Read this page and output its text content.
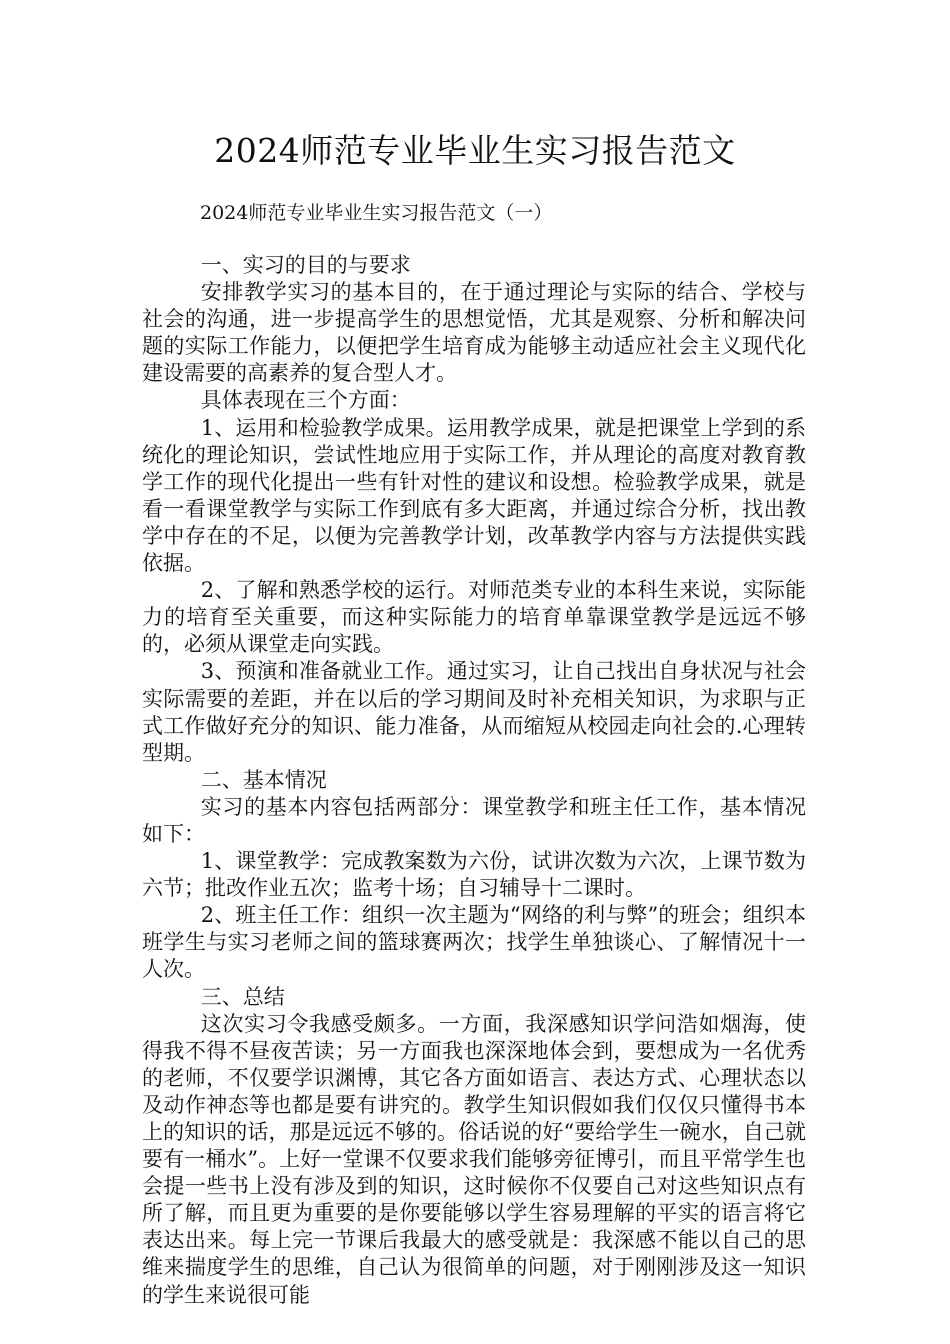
2024师范专业毕业生实习报告范文
2024师范专业毕业生实习报告范文（一）

一、实习的目的与要求

安排教学实习的基本目的，在于通过理论与实际的结合、学校与社会的沟通，进一步提高学生的思想觉悟，尤其是观察、分析和解决问题的实际工作能力，以便把学生培育成为能够主动适应社会主义现代化建设需要的高素养的复合型人才。

具体表现在三个方面：

1、运用和检验教学成果。运用教学成果，就是把课堂上学到的系统化的理论知识，尝试性地应用于实际工作，并从理论的高度对教育教学工作的现代化提出一些有针对性的建议和设想。检验教学成果，就是看一看课堂教学与实际工作到底有多大距离，并通过综合分析，找出教学中存在的不足，以便为完善教学计划，改革教学内容与方法提供实践依据。

2、了解和熟悉学校的运行。对师范类专业的本科生来说，实际能力的培育至关重要，而这种实际能力的培育单靠课堂教学是远远不够的，必须从课堂走向实践。

3、预演和准备就业工作。通过实习，让自己找出自身状况与社会实际需要的差距，并在以后的学习期间及时补充相关知识，为求职与正式工作做好充分的知识、能力准备，从而缩短从校园走向社会的.心理转型期。

二、基本情况

实习的基本内容包括两部分：课堂教学和班主任工作，基本情况如下：

1、课堂教学：完成教案数为六份，试讲次数为六次，上课节数为六节；批改作业五次；监考十场；自习辅导十二课时。

2、班主任工作：组织一次主题为“网络的利与弊”的班会；组织本班学生与实习老师之间的篮球赛两次；找学生单独谈心、了解情况十一人次。

三、总结

这次实习令我感受颇多。一方面，我深感知识学问浩如烟海，使得我不得不昼夜苦读；另一方面我也深深地体会到，要想成为一名优秀的老师，不仅要学识渊博，其它各方面如语言、表达方式、心理状态以及动作神态等也都是要有讲究的。教学生知识假如我们仅仅只懂得书本上的知识的话，那是远远不够的。俗话说的好“要给学生一碗水，自己就要有一桶水”。上好一堂课不仅要求我们能够旁征博引，而且平常学生也会提一些书上没有涉及到的知识，这时候你不仅要自己对这些知识点有所了解，而且更为重要的是你要能够以学生容易理解的平实的语言将它表达出来。每上完一节课后我最大的感受就是：我深感不能以自己的思维来揣度学生的思维，自己认为很简单的问题，对于刚刚涉及这一知识的学生来说很可能
